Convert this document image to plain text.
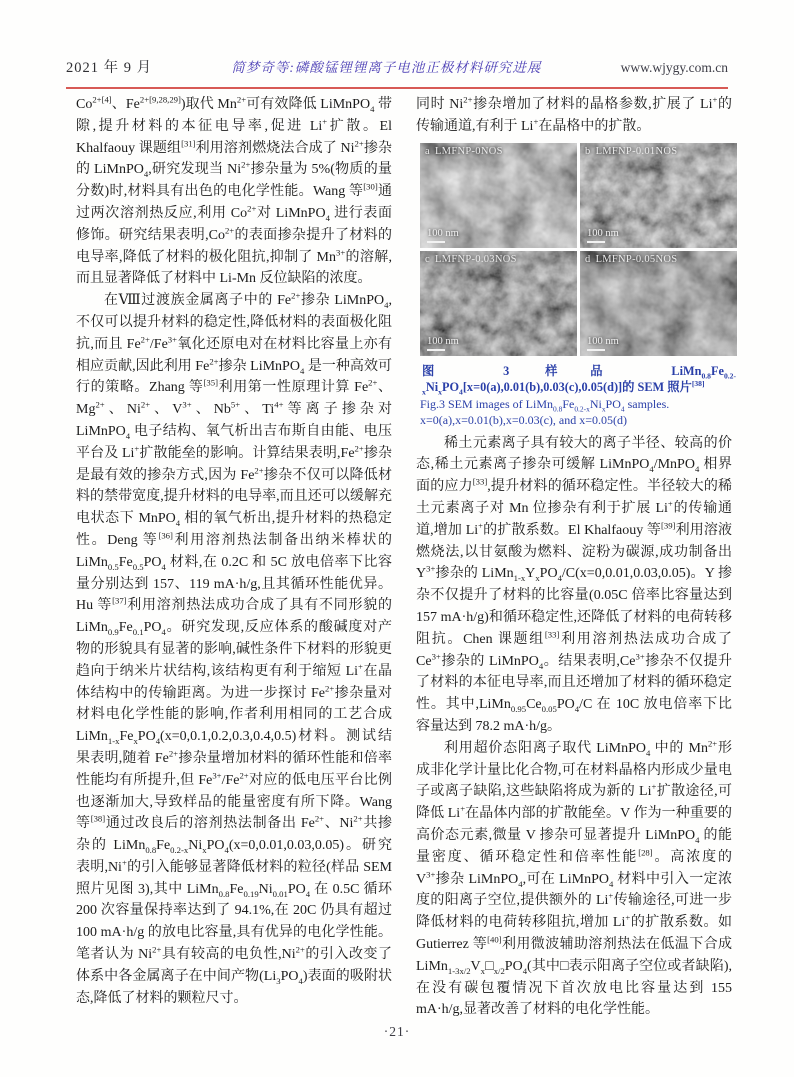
2021 年 9 月	简梦奇等:磷酸锰锂锂离子电池正极材料研究进展	www.wjygy.com.cn

$Co^{2+[4]}$、$Fe^{2+[9,28,29]}$)取代 $Mn^{2+}$可有效降低 LiMnPO$_4$ 带隙,提升材料的本征电导率,促进 Li+扩散。El Khalfaouy 课题组[31]利用溶剂燃烧法合成了 $Ni^{2+}$掺杂的 LiMnPO$_4$,研究发现当 $Ni^{2+}$掺杂量为 5%(物质的量分数)时,材料具有出色的电化学性能。Wang 等[30]通过两次溶剂热反应,利用 $Co^{2+}$对 LiMnPO$_4$ 进行表面修饰。研究结果表明$,Co^{2+}$的表面掺杂提升了材料的电导率,降低了材料的极化阻抗,抑制了 $Mn^{3+}$的溶解,而且显著降低了材料中 Li-Mn 反位缺陷的浓度。

在Ⅷ过渡族金属离子中的 $Fe^{2+}$掺杂 LiMnPO$_4$,不仅可以提升材料的稳定性,降低材料的表面极化阻抗,而且 $Fe^{2+}/Fe^{3+}$氧化还原电对在材料比容量上亦有相应贡献,因此利用 $Fe^{2+}$掺杂 LiMnPO$_4$ 是一种高效可行的策略。Zhang 等[35]利用第一性原理计算 $Fe^{2+}$、$Mg^{2+}$、$Ni^{2+}$、$V^{3+}$、$Nb^{5+}$、$Ti^{4+}$等离子掺杂对 LiMnPO$_4$ 电子结构、氧气析出吉布斯自由能、电压平台及 Li+扩散能垒的影响。计算结果表明$,Fe^{2+}$掺杂是最有效的掺杂方式,因为 $Fe^{2+}$掺杂不仅可以降低材料的禁带宽度,提升材料的电导率,而且还可以缓解充电状态下 MnPO$_4$ 相的氧气析出,提升材料的热稳定性。Deng 等[36]利用溶剂热法制备出纳米棒状的 $LiMn_{0.5}Fe_{0.5}PO_4$ 材料,在 0.2C 和 5C 放电倍率下比容量分别达到 157、119 mA·h/g,且其循环性能优异。Hu 等[37]利用溶剂热法成功合成了具有不同形貌的 $LiMn_{0.9}Fe_{0.1}PO_4$。研究发现,反应体系的酸碱度对产物的形貌具有显著的影响,碱性条件下材料的形貌更趋向于纳米片状结构,该结构更有利于缩短 Li+在晶体结构中的传输距离。为进一步探讨 $Fe^{2+}$掺杂量对材料电化学性能的影响,作者利用相同的工艺合成 $LiMn_{1-x}Fe_xPO_4(x=0,0.1,0.2,0.3,0.4,0.5)$材料。测试结果表明,随着 $Fe^{2+}$掺杂量增加材料的循环性能和倍率性能均有所提升,但 $Fe^{3+}/Fe^{2+}$对应的低电压平台比例也逐渐加大,导致样品的能量密度有所下降。Wang 等[38]通过改良后的溶剂热法制备出 $Fe^{2+}$、$Ni^{2+}$共掺杂的 $LiMn_{0.8}Fe_{0.2-x}Ni_xPO_4(x=0,0.01,0.03,0.05)$。研究表明,Ni+的引入能够显著降低材料的粒径(样品 SEM 照片见图 3),其中 $LiMn_{0.8}Fe_{0.19}Ni_{0.01}PO_4$ 在 0.5C 循环 200 次容量保持率达到了 94.1%,在 20C 仍具有超过 100 mA·h/g 的放电比容量,具有优异的电化学性能。笔者认为 $Ni^{2+}$具有较高的电负性$,Ni^{2+}$的引入改变了体系中各金属离子在中间产物$(Li_3PO_4)$表面的吸附状态,降低了材料的颗粒尺寸。

同时 $Ni^{2+}$掺杂增加了材料的晶格参数,扩展了 Li+的传输通道,有利于 Li+在晶格中的扩散。

a LMFNP-0NOS
100 nm
b LMFNP-0.01NOS
100 nm
c LMFNP-0.03NOS
100 nm
d LMFNP-0.05NOS
100 nm

图 3 样品 $LiMn_{0.8}Fe_{0.2-x}Ni_xPO_4[x=0(a),0.01(b),0.03(c),0.05(d)]$的 SEM 照片[38]

Fig.3 SEM images of $LiMn_{0.8}Fe_{0.2-x}Ni_xPO_4$ samples.

x=0(a),x=0.01(b),x=0.03(c), and x=0.05(d)

稀土元素离子具有较大的离子半径、较高的价态,稀土元素离子掺杂可缓解 LiMnPO$_4$/MnPO$_4$ 相界面的应力[33],提升材料的循环稳定性。半径较大的稀土元素离子对 Mn 位掺杂有利于扩展 Li+的传输通道,增加 Li+的扩散系数。El Khalfaouy 等[39]利用溶液燃烧法,以甘氨酸为燃料、淀粉为碳源,成功制备出 $Y^{3+}$掺杂的 $LiMn_{1-x}Y_xPO_4/C(x=0,0.01,0.03,0.05)$。Y 掺杂不仅提升了材料的比容量(0.05C 倍率比容量达到 157 mA·h/g)和循环稳定性,还降低了材料的电荷转移阻抗。Chen 课题组[33]利用溶剂热法成功合成了 $Ce^{3+}$掺杂的 LiMnPO$_4$。结果表明$,Ce^{3+}$掺杂不仅提升了材料的本征电导率,而且还增加了材料的循环稳定性。其中$,LiMn_{0.95}Ce_{0.05}PO_4/C$ 在 10C 放电倍率下比容量达到 78.2 mA·h/g。

利用超价态阳离子取代 LiMnPO$_4$ 中的 $Mn^{2+}$形成非化学计量比化合物,可在材料晶格内形成少量电子或离子缺陷,这些缺陷将成为新的 Li+扩散途径,可降低 Li+在晶体内部的扩散能垒。V 作为一种重要的高价态元素,微量 V 掺杂可显著提升 LiMnPO$_4$ 的能量密度、循环稳定性和倍率性能[28]。高浓度的 $V^{3+}$掺杂 LiMnPO$_4$,可在 LiMnPO$_4$ 材料中引入一定浓度的阳离子空位,提供额外的 Li+传输途径,可进一步降低材料的电荷转移阻抗,增加 Li+的扩散系数。如 Gutierrez 等[40]利用微波辅助溶剂热法在低温下合成 $LiMn_{1-3x/2}V_x□_{x/2}PO_4$(其中□表示阳离子空位或者缺陷),在没有碳包覆情况下首次放电比容量达到 155 mA·h/g,显著改善了材料的电化学性能。

·21·
